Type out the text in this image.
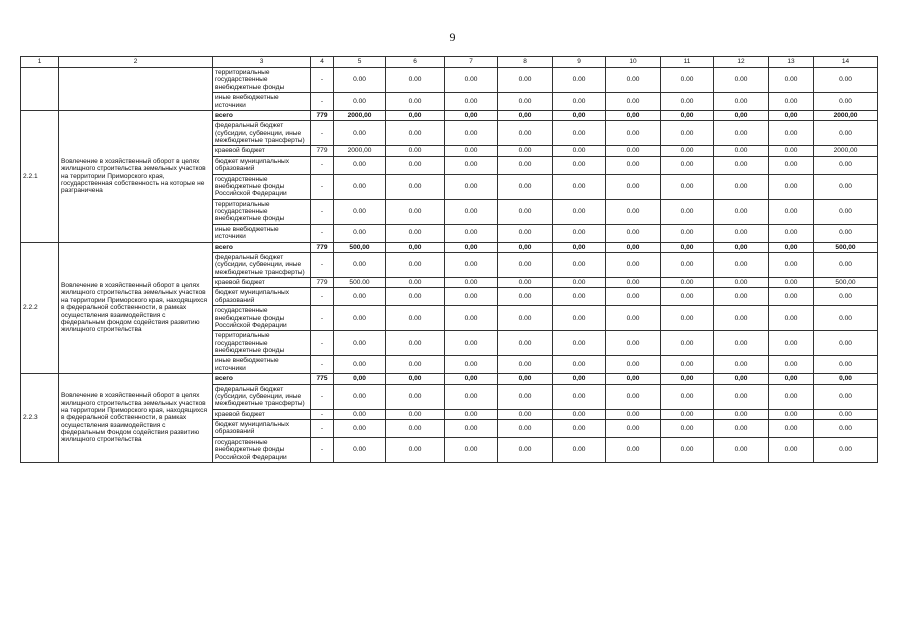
9
1	2	3	4	5	6	7	8	9	10	11	12	13	14
		территориальные государственные внебюджетные фонды	-	0.00	0.00	0.00	0.00	0.00	0.00	0.00	0.00	0.00	0.00
		иные внебюджетные источники	-	0.00	0.00	0.00	0.00	0.00	0.00	0.00	0.00	0.00	0.00
2.2.1	Вовлечение в хозяйственный оборот в целях жилищного строительства земельных участков на территории Приморского края, государственная собственность на которые не разграничена	всего	779	2000,00	0,00	0,00	0,00	0,00	0,00	0,00	0,00	0,00	2000,00
		федеральный бюджет (субсидии, субвенции, иные межбюджетные трансферты)	-	0.00	0.00	0.00	0.00	0.00	0.00	0.00	0.00	0.00	0.00
		краевой бюджет	779	2000,00	0.00	0.00	0.00	0.00	0.00	0.00	0.00	0.00	2000,00
		бюджет муниципальных образований	-	0.00	0.00	0.00	0.00	0.00	0.00	0.00	0.00	0.00	0.00
		государственные внебюджетные фонды Российской Федерации	-	0.00	0.00	0.00	0.00	0.00	0.00	0.00	0.00	0.00	0.00
		территориальные государственные внебюджетные фонды	-	0.00	0.00	0.00	0.00	0.00	0.00	0.00	0.00	0.00	0.00
		иные внебюджетные источники	-	0.00	0.00	0.00	0.00	0.00	0.00	0.00	0.00	0.00	0.00
2.2.2	Вовлечение в хозяйственный оборот в целях жилищного строительства земельных участков на территории Приморского края, находящихся в федеральной собственности, в рамках осуществления взаимодействия с федеральным фондом содействия развитию жилищного строительства	всего	779	500,00	0,00	0,00	0,00	0,00	0,00	0,00	0,00	0,00	500,00
		федеральный бюджет (субсидии, субвенции, иные межбюджетные трансферты)	-	0.00	0.00	0.00	0.00	0.00	0.00	0.00	0.00	0.00	0.00
		краевой бюджет	779	500.00	0.00	0.00	0.00	0.00	0.00	0.00	0.00	0.00	500,00
		бюджет муниципальных образований	-	0.00	0.00	0.00	0.00	0.00	0.00	0.00	0.00	0.00	0.00
		государственные внебюджетные фонды Российской Федерации	-	0.00	0.00	0.00	0.00	0.00	0.00	0.00	0.00	0.00	0.00
		территориальные государственные внебюджетные фонды	-	0.00	0.00	0.00	0.00	0.00	0.00	0.00	0.00	0.00	0.00
		иные внебюджетные источники	-	0.00	0.00	0.00	0.00	0.00	0.00	0.00	0.00	0.00	0.00
2.2.3	Вовлечение в хозяйственный оборот в целях жилищного строительства земельных участков на территории Приморского края, находящихся в федеральной собственности, в рамках осуществления взаимодействия с федеральным Фондом содействия развитию жилищного строительства	всего	775	0,00	0,00	0,00	0,00	0,00	0,00	0,00	0,00	0,00	0,00
		федеральный бюджет (субсидии, субвенции, иные межбюджетные трансферты)	-	0.00	0.00	0.00	0.00	0.00	0.00	0.00	0.00	0.00	0.00
		краевой бюджет	-	0.00	0.00	0.00	0.00	0.00	0.00	0.00	0.00	0.00	0.00
		бюджет муниципальных образований	-	0.00	0.00	0.00	0.00	0.00	0.00	0.00	0.00	0.00	0.00
		государственные внебюджетные фонды Российской Федерации	-	0.00	0.00	0.00	0.00	0.00	0.00	0.00	0.00	0.00	0.00
